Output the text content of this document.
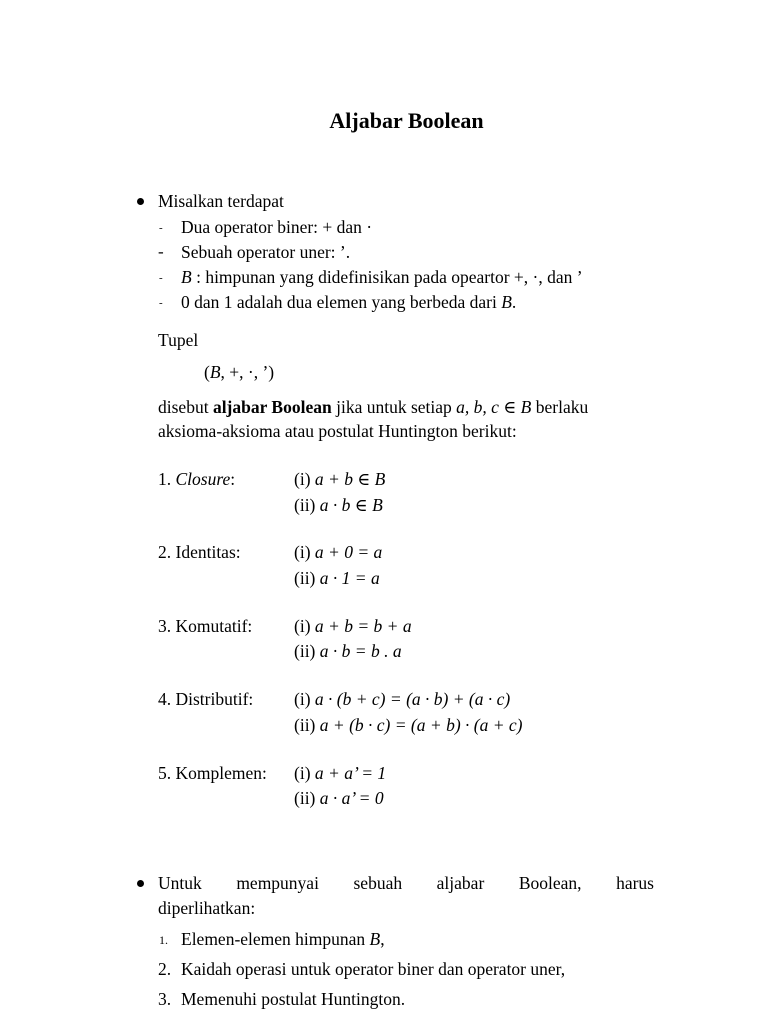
Aljabar Boolean
Misalkan terdapat
- Dua operator biner: + dan ·
- Sebuah operator uner: ’.
- B : himpunan yang didefinisikan pada opeartor +, ·, dan ’
- 0 dan 1 adalah dua elemen yang berbeda dari B.
Tupel
(B, +, ·, ’)
disebut aljabar Boolean jika untuk setiap a, b, c ∈ B berlaku
aksioma-aksioma atau postulat Huntington berikut:
1. Closure:	(i) a + b ∈ B
(ii) a · b ∈ B
2. Identitas:	(i) a + 0 = a
(ii) a · 1 = a
3. Komutatif: (i) a + b = b + a
(ii) a · b = b . a
4. Distributif: (i) a · (b + c) = (a · b) + (a · c)
(ii) a + (b · c) = (a + b) · (a + c)
5. Komplemen: (i) a + a’ = 1
(ii) a · a’ = 0
Untuk mempunyai sebuah aljabar Boolean, harus
diperlihatkan:
1. Elemen-elemen himpunan B,
2. Kaidah operasi untuk operator biner dan operator uner,
3. Memenuhi postulat Huntington.
